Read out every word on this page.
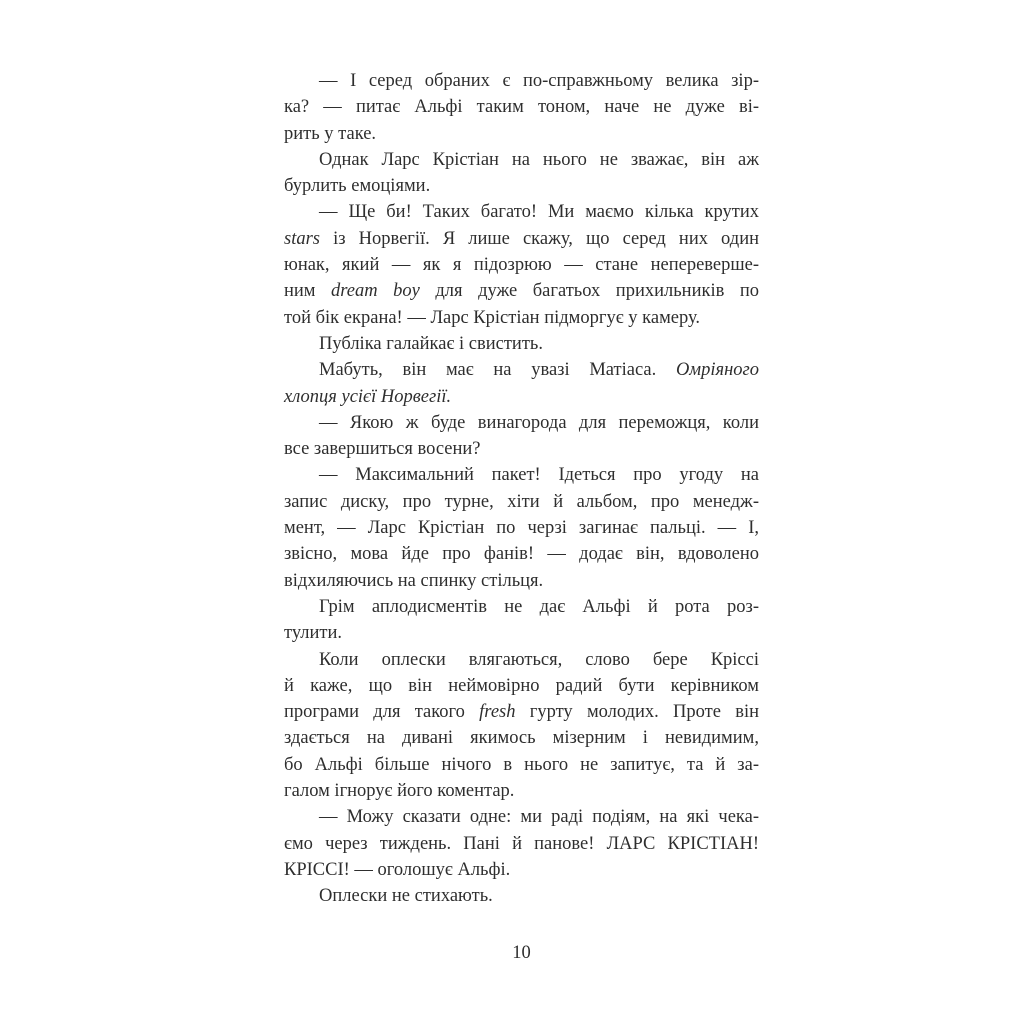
— І серед обраних є по-справжньому велика зір-
ка? — питає Альфі таким тоном, наче не дуже ві-
рить у таке.
Однак Ларс Крістіан на нього не зважає, він аж
бурлить емоціями.
— Ще би! Таких багато! Ми маємо кілька крутих
stars із Норвегії. Я лише скажу, що серед них один
юнак, який — як я підозрюю — стане непереверше-
ним dream boy для дуже багатьох прихильників по
той бік екрана! — Ларс Крістіан підморгує у камеру.
Публіка галайкає і свистить.
Мабуть, він має на увазі Матіаса. Омріяного
хлопця усієї Норвегії.
— Якою ж буде винагорода для переможця, коли
все завершиться восени?
— Максимальний пакет! Ідеться про угоду на
запис диску, про турне, хіти й альбом, про менедж-
мент, — Ларс Крістіан по черзі загинає пальці. — І,
звісно, мова йде про фанів! — додає він, вдоволено
відхиляючись на спинку стільця.
Грім аплодисментів не дає Альфі й рота роз-
тулити.
Коли оплески влягаються, слово бере Кріссі
й каже, що він неймовірно радий бути керівником
програми для такого fresh гурту молодих. Проте він
здається на дивані якимось мізерним і невидимим,
бо Альфі більше нічого в нього не запитує, та й за-
галом ігнорує його коментар.
— Можу сказати одне: ми раді подіям, на які чека-
ємо через тиждень. Пані й панове! ЛАРС КРІСТІАН!
КРІССІ! — оголошує Альфі.
Оплески не стихають.
10
